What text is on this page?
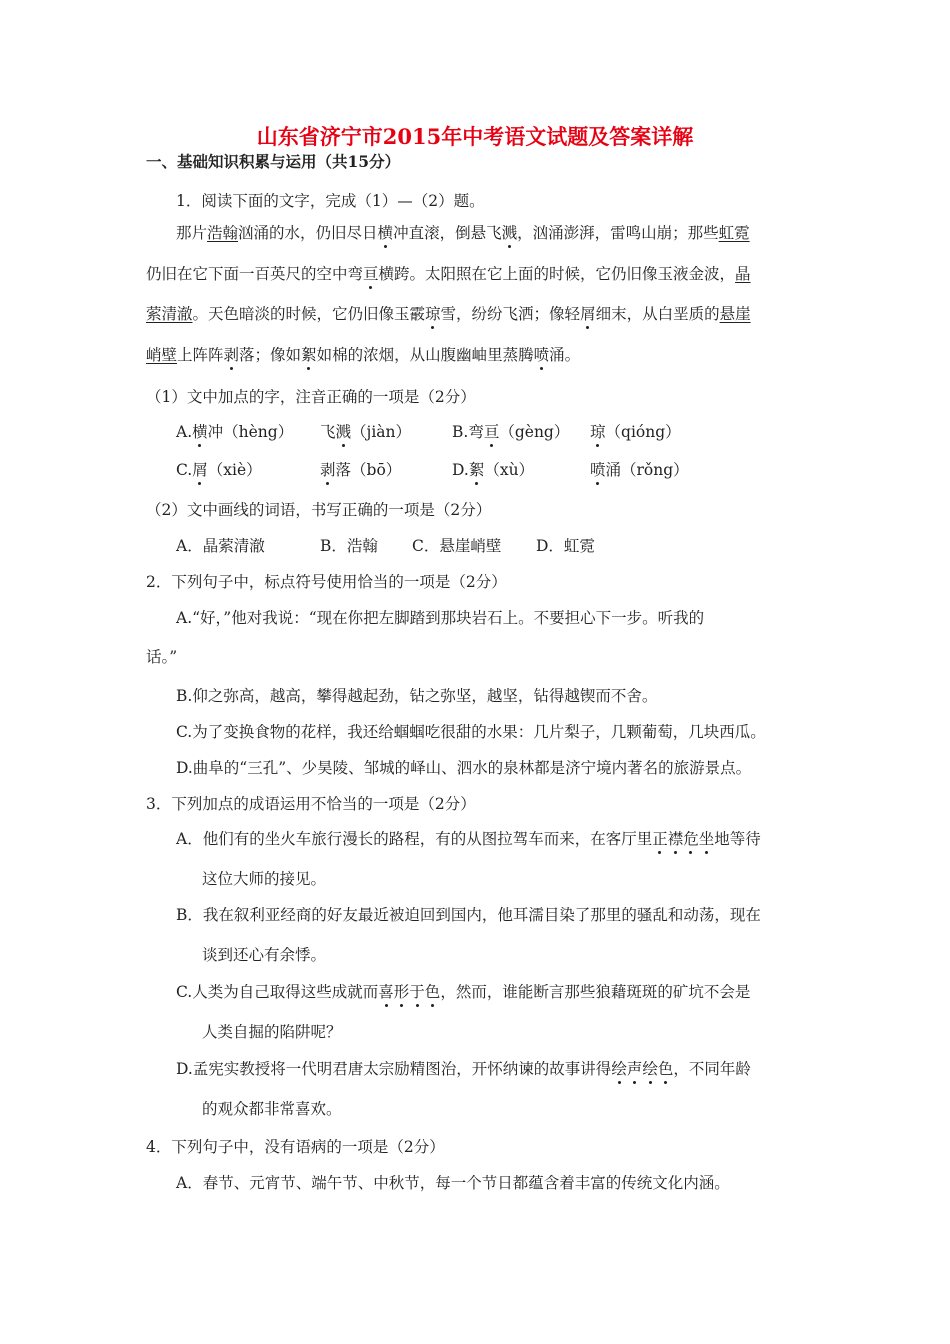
山东省济宁市2015年中考语文试题及答案详解
一、基础知识积累与运用（共15分）
1．阅读下面的文字，完成（1）—（2）题。
那片浩翰汹涌的水，仍旧尽日横冲直滚，倒悬飞溅，汹涌澎湃，雷鸣山崩；那些虹霓
仍旧在它下面一百英尺的空中弯亘横跨。太阳照在它上面的时候，它仍旧像玉液金波，晶
萦清澈。天色暗淡的时候，它仍旧像玉霰琼雪，纷纷飞洒；像轻屑细末，从白垩质的悬崖
峭壁上阵阵剥落；像如絮如棉的浓烟，从山腹幽岫里蒸腾喷涌。
（1）文中加点的字，注音正确的一项是（2分）
A.横冲（hèng） 飞溅（jiàn）	B.弯亘（gèng） 琼（qióng）
C.屑（xiè）	剥落（bō）	D.絮（xù）	喷涌（rǒng）
（2）文中画线的词语，书写正确的一项是（2分）
A．晶萦清澈	B．浩翰 C．悬崖峭壁 D．虹霓
2．下列句子中，标点符号使用恰当的一项是（2分）
A.“好，”他对我说：“现在你把左脚踏到那块岩石上。不要担心下一步。听我的
话。”
B.仰之弥高，越高，攀得越起劲，钻之弥坚，越坚，钻得越锲而不舍。
C.为了变换食物的花样，我还给蝈蝈吃很甜的水果：几片梨子，几颗葡萄，几块西瓜。
D.曲阜的“三孔”、少昊陵、邹城的峄山、泗水的泉林都是济宁境内著名的旅游景点。
3．下列加点的成语运用不恰当的一项是（2分）
A．他们有的坐火车旅行漫长的路程，有的从图拉驾车而来，在客厅里正襟危坐地等待
这位大师的接见。
B．我在叙利亚经商的好友最近被迫回到国内，他耳濡目染了那里的骚乱和动荡，现在
谈到还心有余悸。
C.人类为自己取得这些成就而喜形于色，然而，谁能断言那些狼藉斑斑的矿坑不会是
人类自掘的陷阱呢？
D.孟宪实教授将一代明君唐太宗励精图治，开怀纳谏的故事讲得绘声绘色，不同年龄
的观众都非常喜欢。
4．下列句子中，没有语病的一项是（2分）
A．春节、元宵节、端午节、中秋节，每一个节日都蕴含着丰富的传统文化内涵。
